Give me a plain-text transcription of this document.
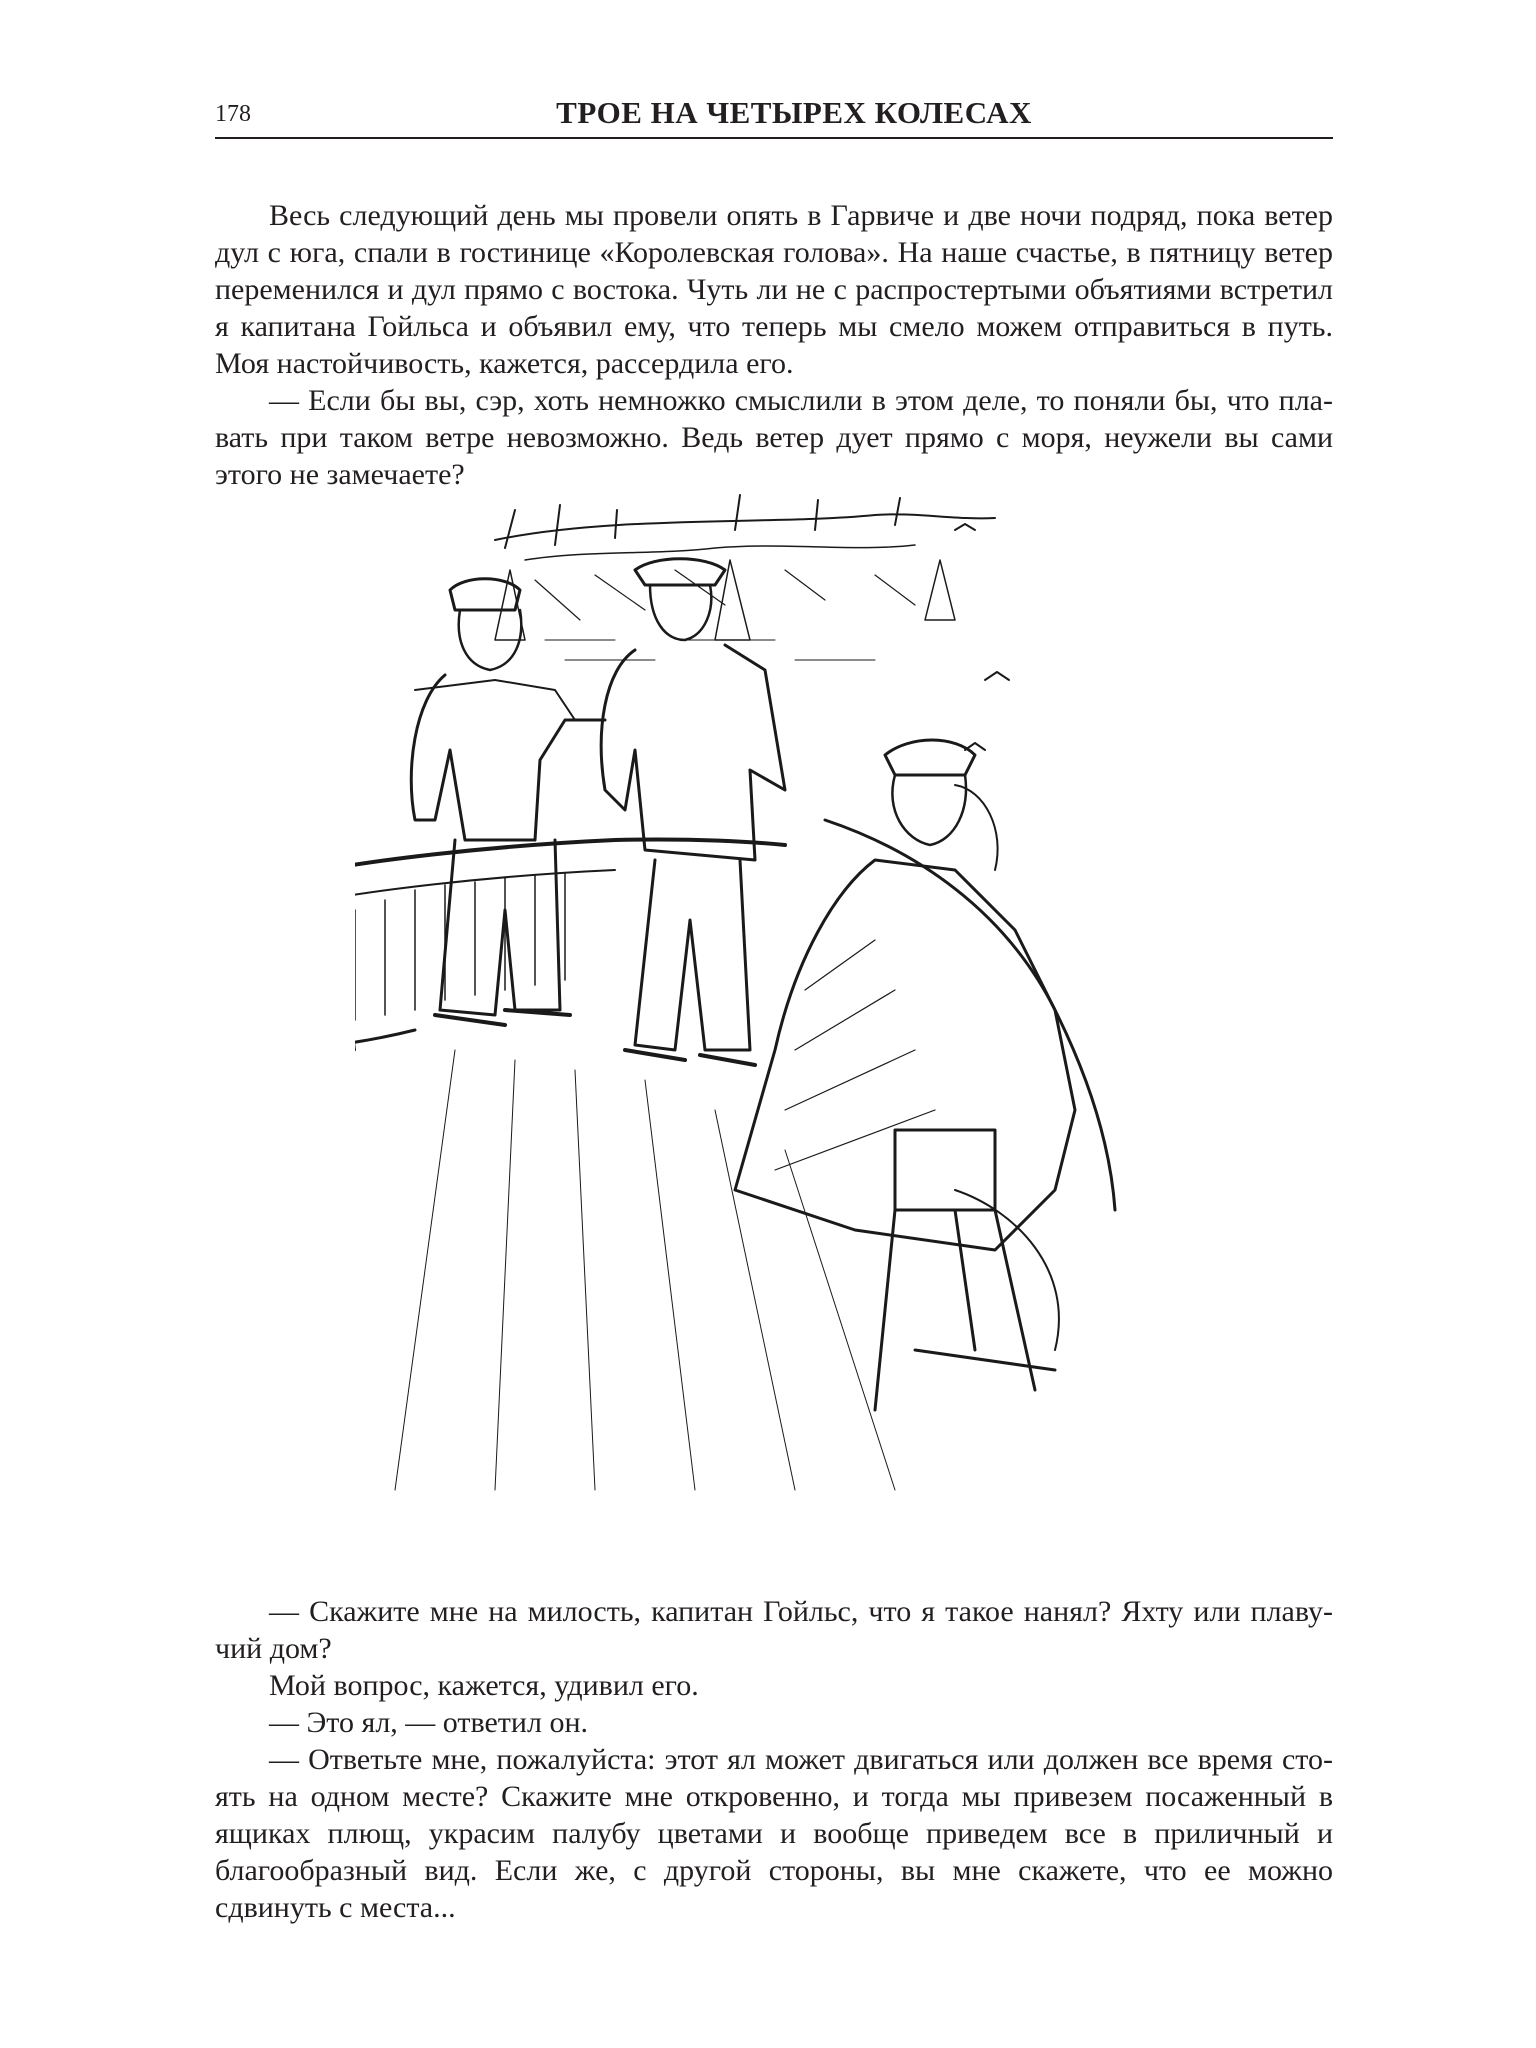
178	ТРОЕ НА ЧЕТЫРЕХ КОЛЕСАХ

Весь следующий день мы провели опять в Гарвиче и две ночи подряд, пока ветер дул с юга, спали в гостинице «Королевская голова». На наше счастье, в пятницу ветер переменился и дул прямо с востока. Чуть ли не с распростертыми объятиями встретил я капитана Гойльса и объявил ему, что теперь мы смело можем отправиться в путь. Моя настойчивость, кажется, рассердила его.

— Если бы вы, сэр, хоть немножко смыслили в этом деле, то поняли бы, что плавать при таком ветре невозможно. Ведь ветер дует прямо с моря, неужели вы сами этого не замечаете?

— Скажите мне на милость, капитан Гойльс, что я такое нанял? Яхту или плавучий дом?

Мой вопрос, кажется, удивил его.

— Это ял, — ответил он.

— Ответьте мне, пожалуйста: этот ял может двигаться или должен все время стоять на одном месте? Скажите мне откровенно, и тогда мы привезем посаженный в ящиках плющ, украсим палубу цветами и вообще приведем все в приличный и благообразный вид. Если же, с другой стороны, вы мне скажете, что ее можно сдвинуть с места...
